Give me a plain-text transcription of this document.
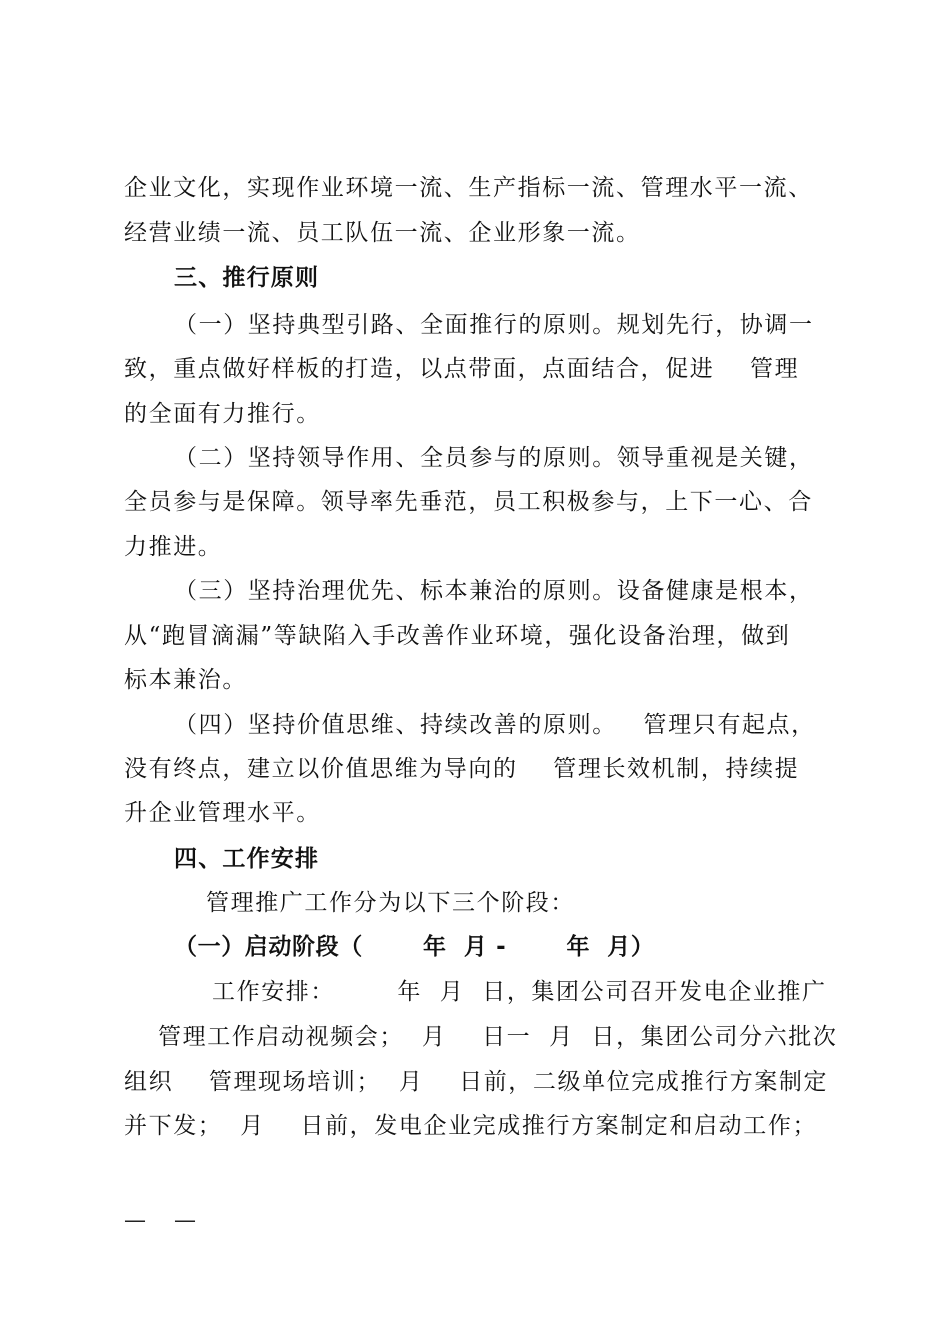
企业文化，实现作业环境一流、生产指标一流、管理水平一流、
经营业绩一流、员工队伍一流、企业形象一流。
三、推行原则
（一）坚持典型引路、全面推行的原则。规划先行，协调一
致，重点做好样板的打造，以点带面，点面结合，促进    管理
的全面有力推行。
（二）坚持领导作用、全员参与的原则。领导重视是关键，
全员参与是保障。领导率先垂范，员工积极参与，上下一心、合
力推进。
（三）坚持治理优先、标本兼治的原则。设备健康是根本，
从“跑冒滴漏”等缺陷入手改善作业环境，强化设备治理，做到
标本兼治。
（四）坚持价值思维、持续改善的原则。   管理只有起点，
没有终点，建立以价值思维为导向的    管理长效机制，持续提
升企业管理水平。
四、工作安排
管理推广工作分为以下三个阶段：
（一）启动阶段（       年  月 -       年  月）
工作安排：       年  月  日，集团公司召开发电企业推广
管理工作启动视频会；  月    日一  月  日，集团公司分六批次
组织    管理现场培训；  月    日前，二级单位完成推行方案制定
并下发；  月    日前，发电企业完成推行方案制定和启动工作；
—    —
